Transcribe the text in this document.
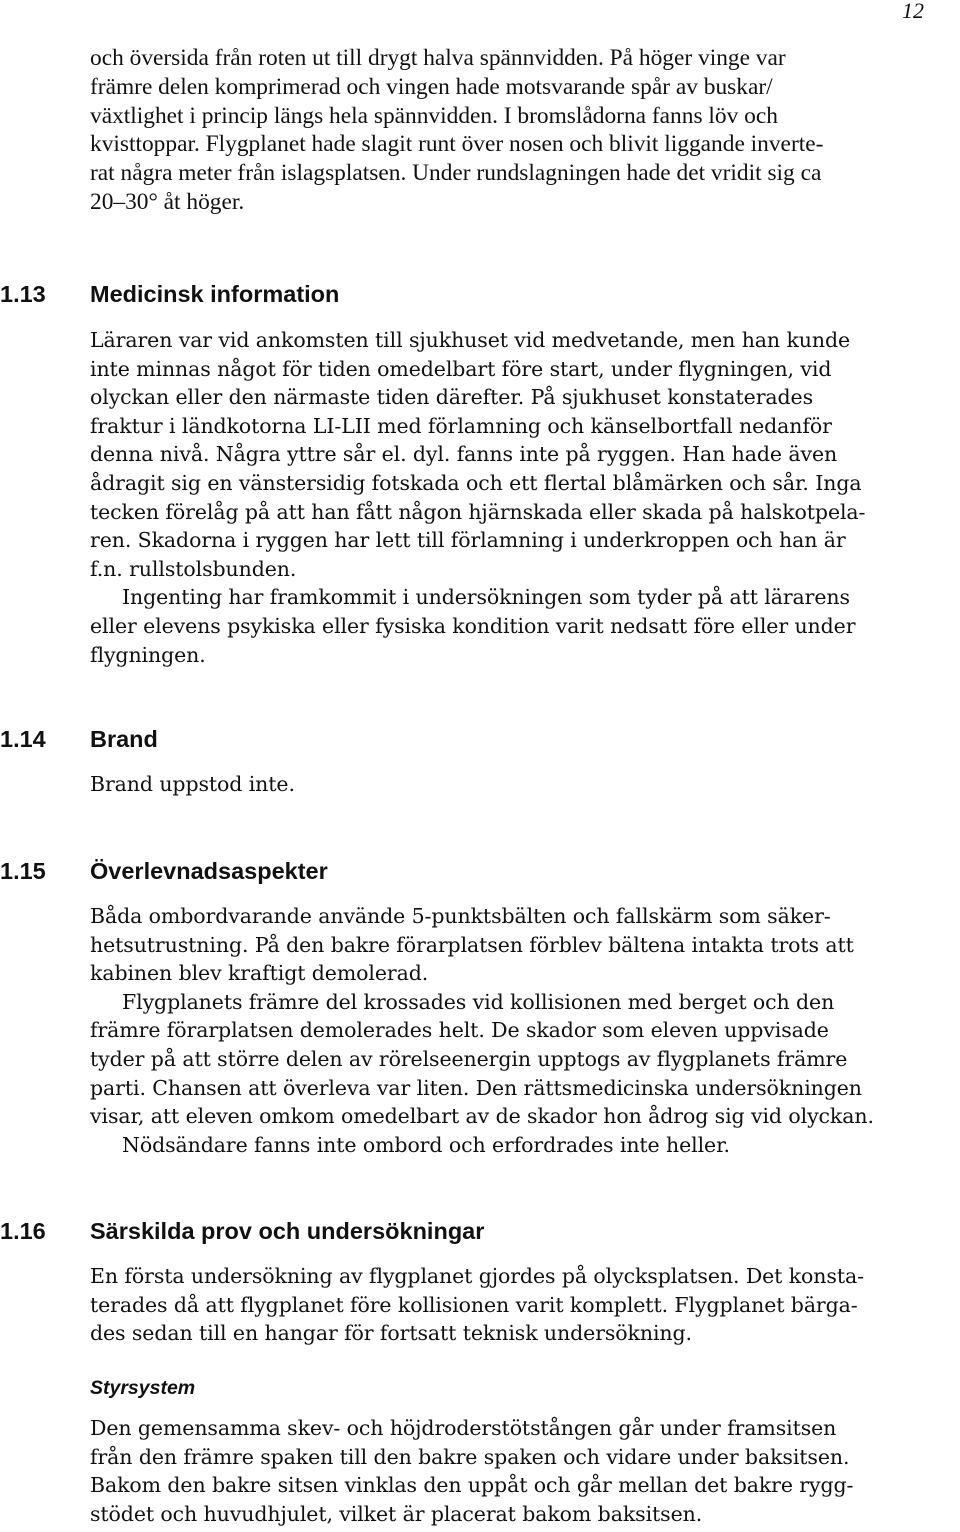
12
och översida från roten ut till drygt halva spännvidden. På höger vinge var
främre delen komprimerad och vingen hade motsvarande spår av buskar/
växtlighet i princip längs hela spännvidden. I bromslådorna fanns löv och
kvisttoppar. Flygplanet hade slagit runt över nosen och blivit liggande inverte-
rat några meter från islagsplatsen. Under rundslagningen hade det vridit sig ca
20–30° åt höger.
1.13 Medicinsk information
Läraren var vid ankomsten till sjukhuset vid medvetande, men han kunde
inte minnas något för tiden omedelbart före start, under flygningen, vid
olyckan eller den närmaste tiden därefter. På sjukhuset konstaterades
fraktur i ländkotorna LI-LII med förlamning och känselbortfall nedanför
denna nivå. Några yttre sår el. dyl. fanns inte på ryggen. Han hade även
ådragit sig en vänstersidig fotskada och ett flertal blåmärken och sår. Inga
tecken förelåg på att han fått någon hjärnskada eller skada på halskotpela-
ren. Skadorna i ryggen har lett till förlamning i underkroppen och han är
f.n. rullstolsbunden.
Ingenting har framkommit i undersökningen som tyder på att lärarens
eller elevens psykiska eller fysiska kondition varit nedsatt före eller under
flygningen.
1.14 Brand
Brand uppstod inte.
1.15 Överlevnadsaspekter
Båda ombordvarande använde 5-punktsbälten och fallskärm som säker-
hetsutrustning. På den bakre förarplatsen förblev bältena intakta trots att
kabinen blev kraftigt demolerad.
Flygplanets främre del krossades vid kollisionen med berget och den
främre förarplatsen demolerades helt. De skador som eleven uppvisade
tyder på att större delen av rörelseenergin upptogs av flygplanets främre
parti. Chansen att överleva var liten. Den rättsmedicinska undersökningen
visar, att eleven omkom omedelbart av de skador hon ådrog sig vid olyckan.
Nödsändare fanns inte ombord och erfordrades inte heller.
1.16 Särskilda prov och undersökningar
En första undersökning av flygplanet gjordes på olycksplatsen. Det konsta-
terades då att flygplanet före kollisionen varit komplett. Flygplanet bärga-
des sedan till en hangar för fortsatt teknisk undersökning.
Styrsystem
Den gemensamma skev- och höjdroderstötstången går under framsitsen
från den främre spaken till den bakre spaken och vidare under baksitsen.
Bakom den bakre sitsen vinklas den uppåt och går mellan det bakre rygg-
stödet och huvudhjulet, vilket är placerat bakom baksitsen.
